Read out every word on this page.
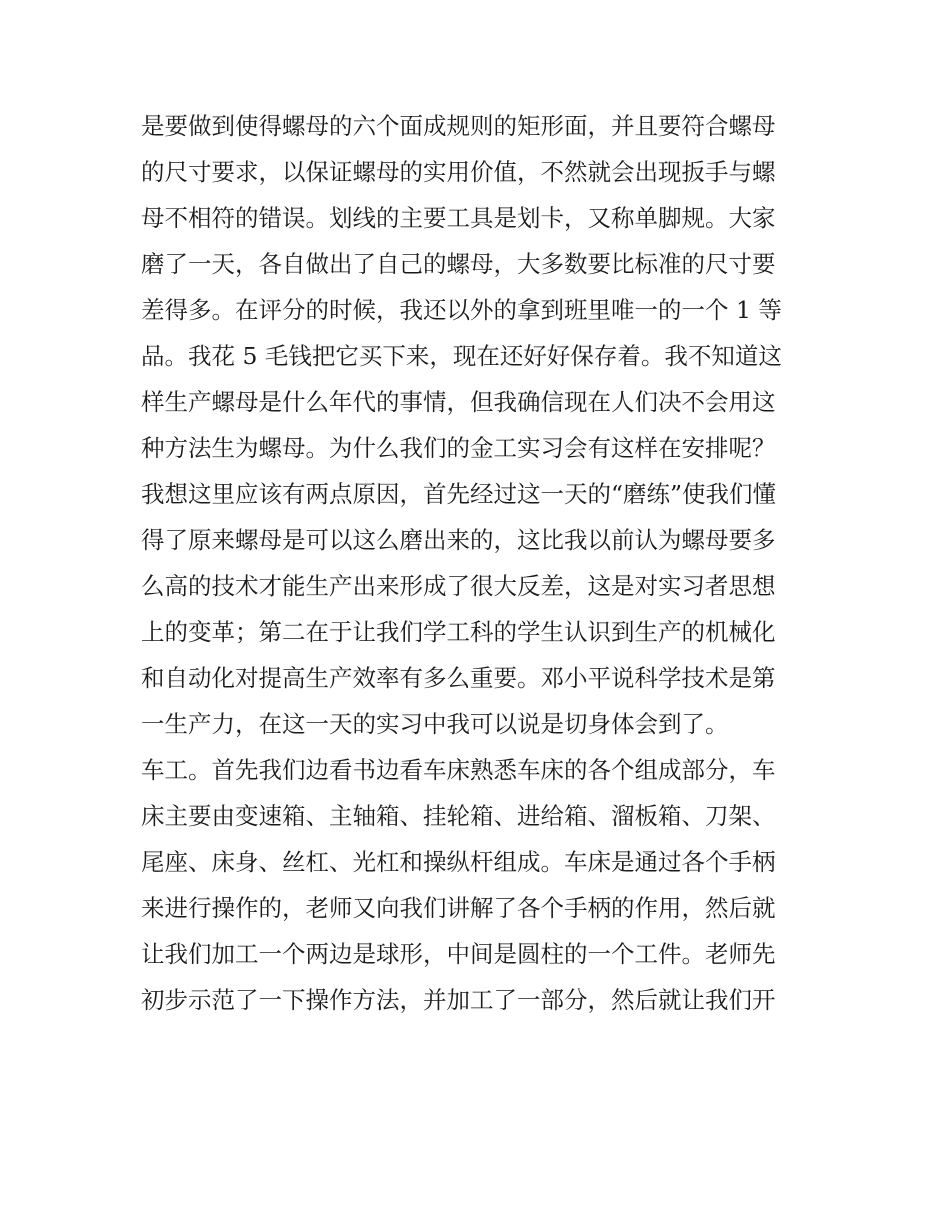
是要做到使得螺母的六个面成规则的矩形面，并且要符合螺母
的尺寸要求，以保证螺母的实用价值，不然就会出现扳手与螺
母不相符的错误。划线的主要工具是划卡，又称单脚规。大家
磨了一天，各自做出了自己的螺母，大多数要比标准的尺寸要
差得多。在评分的时候，我还以外的拿到班里唯一的一个 1 等
品。我花 5 毛钱把它买下来，现在还好好保存着。我不知道这
样生产螺母是什么年代的事情，但我确信现在人们决不会用这
种方法生为螺母。为什么我们的金工实习会有这样在安排呢？
我想这里应该有两点原因，首先经过这一天的“磨练”使我们懂
得了原来螺母是可以这么磨出来的，这比我以前认为螺母要多
么高的技术才能生产出来形成了很大反差，这是对实习者思想
上的变革；第二在于让我们学工科的学生认识到生产的机械化
和自动化对提高生产效率有多么重要。邓小平说科学技术是第
一生产力，在这一天的实习中我可以说是切身体会到了。
车工。首先我们边看书边看车床熟悉车床的各个组成部分，车
床主要由变速箱、主轴箱、挂轮箱、进给箱、溜板箱、刀架、
尾座、床身、丝杠、光杠和操纵杆组成。车床是通过各个手柄
来进行操作的，老师又向我们讲解了各个手柄的作用，然后就
让我们加工一个两边是球形，中间是圆柱的一个工件。老师先
初步示范了一下操作方法，并加工了一部分，然后就让我们开
